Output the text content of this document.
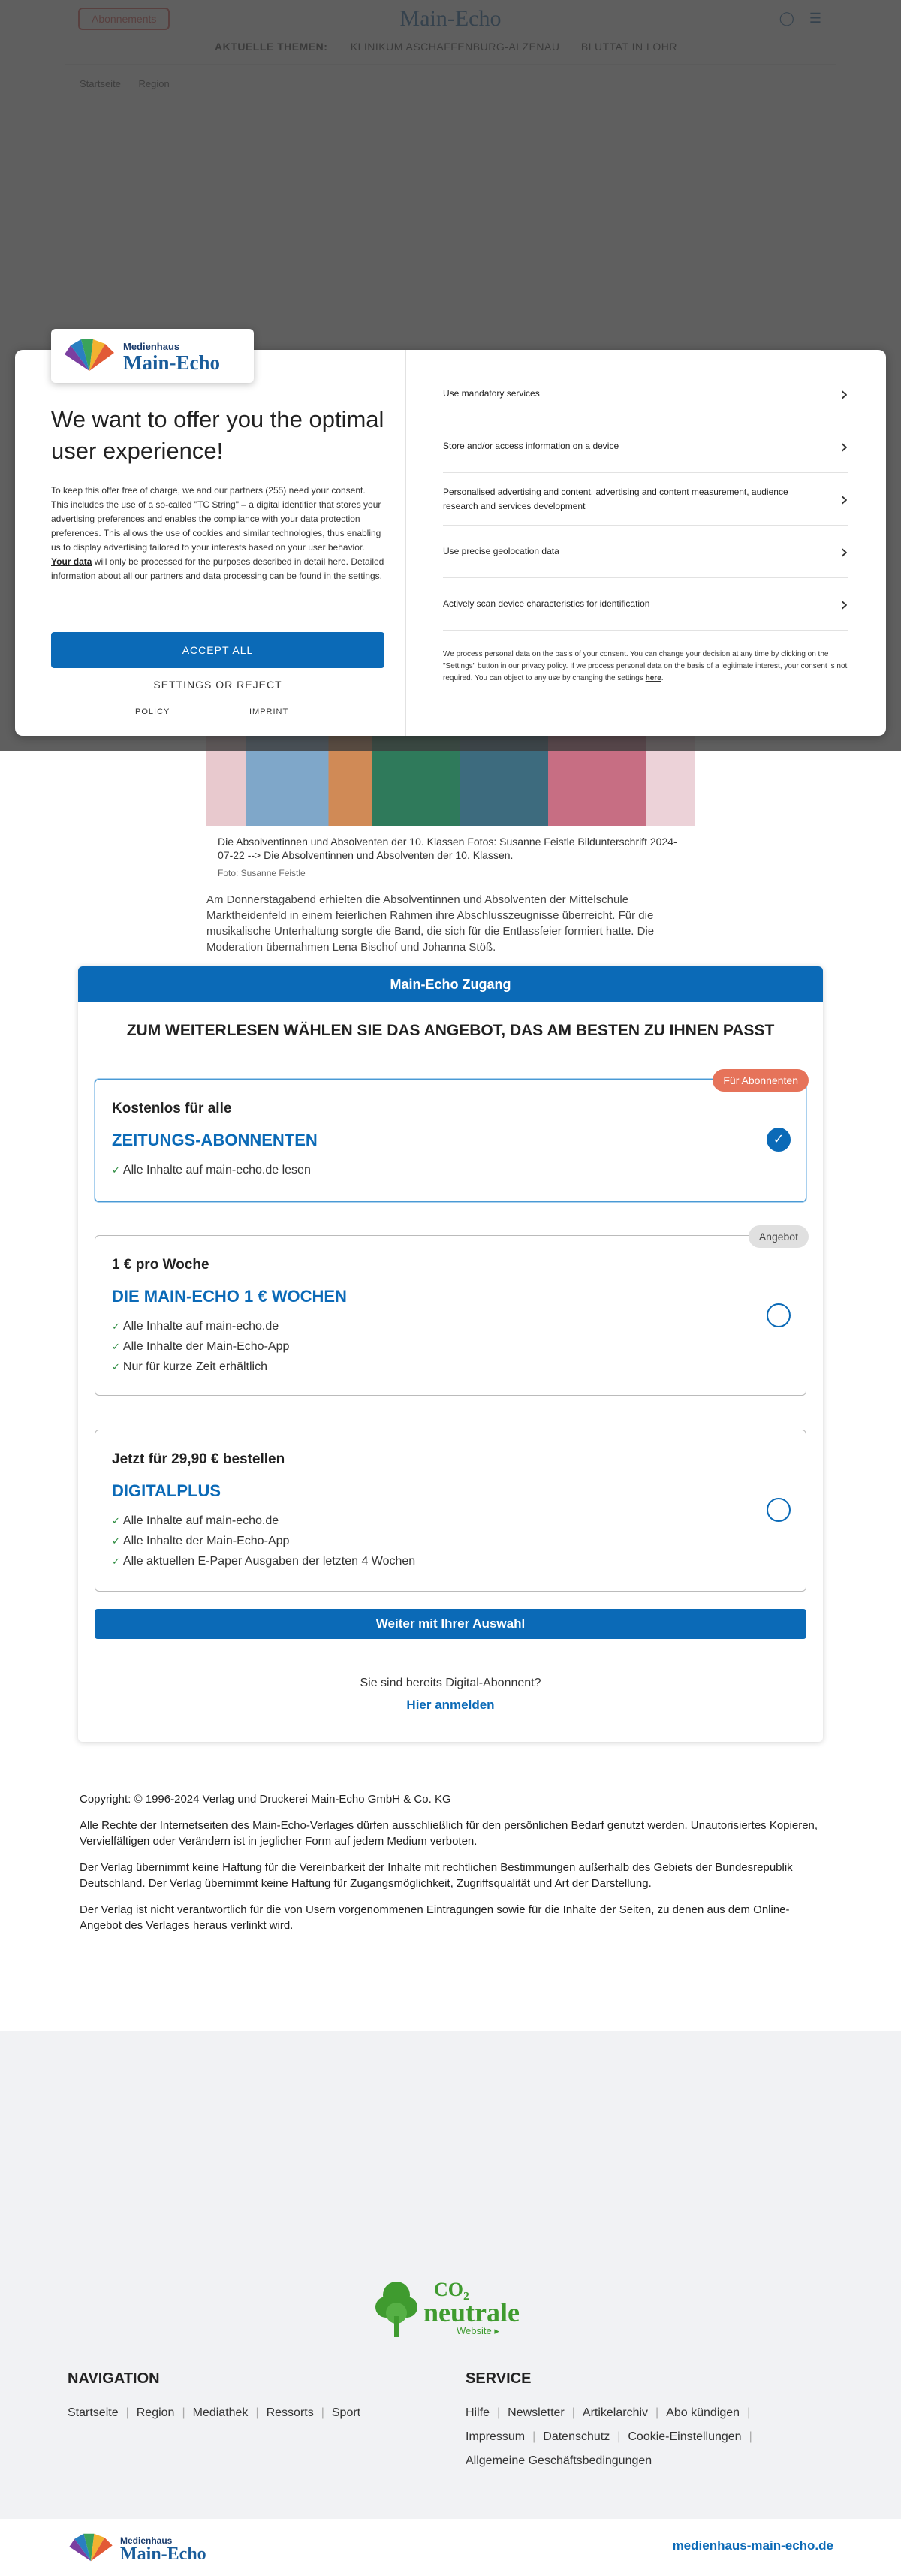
Die Absolventinnen und Absolventen der 10. Klassen Fotos: Susanne Feistle Bildunterschrift 2024-07-22 --> Die Absolventinnen und Absolventen der 10. Klassen.
Foto: Susanne Feistle
Am Donnerstagabend erhielten die Absolventinnen und Absolventen der Mittelschule Marktheidenfeld in einem feierlichen Rahmen ihre Abschlusszeugnisse überreicht. Für die musikalische Unterhaltung sorgte die Band, die sich für die Entlassfeier formiert hatte. Die Moderation übernahmen Lena Bischof und Johanna Stöß.
Medienhaus
Main-Echo
We want to offer you the optimal user experience!
To keep this offer free of charge, we and our partners (255) need your consent. This includes the use of a so-called "TC String" – a digital identifier that stores your advertising preferences and enables the compliance with your data protection preferences. This allows the use of cookies and similar technologies, thus enabling us to display advertising tailored to your interests based on your user behavior. Your data will only be processed for the purposes described in detail here. Detailed information about all our partners and data processing can be found in the settings.
ACCEPT ALL
SETTINGS OR REJECT
POLICY	IMPRINT
Use mandatory services	›
Store and/or access information on a device	›
Personalised advertising and content, advertising and content measurement, audience research and services development	›
Use precise geolocation data	›
Actively scan device characteristics for identification	›
We process personal data on the basis of your consent. You can change your decision at any time by clicking on the "Settings" button in our privacy policy. If we process personal data on the basis of a legitimate interest, your consent is not required. You can object to any use by changing the settings here.
Main-Echo Zugang
ZUM WEITERLESEN WÄHLEN SIE DAS ANGEBOT, DAS AM BESTEN ZU IHNEN PASST
Für Abonnenten
Kostenlos für alle
ZEITUNGS-ABONNENTEN
✓ Alle Inhalte auf main-echo.de lesen
✓
Angebot
1 € pro Woche
DIE MAIN-ECHO 1 € WOCHEN
✓ Alle Inhalte auf main-echo.de
✓ Alle Inhalte der Main-Echo-App
✓ Nur für kurze Zeit erhältlich
Jetzt für 29,90 € bestellen
DIGITALPLUS
✓ Alle Inhalte auf main-echo.de
✓ Alle Inhalte der Main-Echo-App
✓ Alle aktuellen E-Paper Ausgaben der letzten 4 Wochen
Weiter mit Ihrer Auswahl
Sie sind bereits Digital-Abonnent?
Hier anmelden

Copyright: © 1996-2024 Verlag und Druckerei Main-Echo GmbH & Co. KG

Alle Rechte der Internetseiten des Main-Echo-Verlages dürfen ausschließlich für den persönlichen Bedarf genutzt werden. Unautorisiertes Kopieren, Vervielfältigen oder Verändern ist in jeglicher Form auf jedem Medium verboten.

Der Verlag übernimmt keine Haftung für die Vereinbarkeit der Inhalte mit rechtlichen Bestimmungen außerhalb des Gebiets der Bundesrepublik Deutschland. Der Verlag übernimmt keine Haftung für Zugangsmöglichkeit, Zugriffsqualität und Art der Darstellung.

Der Verlag ist nicht verantwortlich für die von Usern vorgenommenen Eintragungen sowie für die Inhalte der Seiten, zu denen aus dem Online-Angebot des Verlages heraus verlinkt wird.

CO₂
neutrale
Website ▸
NAVIGATION
Startseite | Region | Mediathek | Ressorts | Sport
SERVICE
Hilfe | Newsletter | Artikelarchiv | Abo kündigen |
Impressum | Datenschutz | Cookie-Einstellungen |
Allgemeine Geschäftsbedingungen
Medienhaus
Main-Echo	medienhaus-main-echo.de
